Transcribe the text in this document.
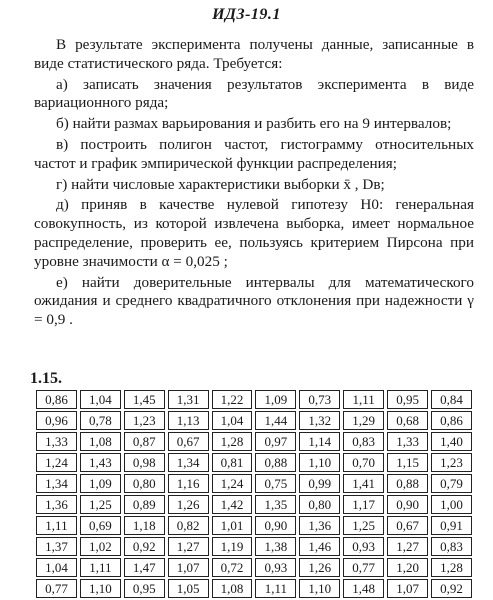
ИДЗ-19.1

В результате эксперимента получены данные, записанные в виде статистического ряда. Требуется:

а) записать значения результатов эксперимента в виде вариационного ряда;

б) найти размах варьирования и разбить его на 9 интервалов;

в) построить полигон частот, гистограмму относительных частот и график эмпирической функции распределения;

г) найти числовые характеристики выборки x̄ , Dв;

д) приняв в качестве нулевой гипотезу H0: генеральная совокупность, из которой извлечена выборка, имеет нормальное распределение, проверить ее, пользуясь критерием Пирсона при уровне значимости α = 0,025 ;

е) найти доверительные интервалы для математического ожидания и среднего квадратичного отклонения при надежности γ = 0,9 .

1.15.
0,86	1,04	1,45	1,31	1,22	1,09	0,73	1,11	0,95	0,84
0,96	0,78	1,23	1,13	1,04	1,44	1,32	1,29	0,68	0,86
1,33	1,08	0,87	0,67	1,28	0,97	1,14	0,83	1,33	1,40
1,24	1,43	0,98	1,34	0,81	0,88	1,10	0,70	1,15	1,23
1,34	1,09	0,80	1,16	1,24	0,75	0,99	1,41	0,88	0,79
1,36	1,25	0,89	1,26	1,42	1,35	0,80	1,17	0,90	1,00
1,11	0,69	1,18	0,82	1,01	0,90	1,36	1,25	0,67	0,91
1,37	1,02	0,92	1,27	1,19	1,38	1,46	0,93	1,27	0,83
1,04	1,11	1,47	1,07	0,72	0,93	1,26	0,77	1,20	1,28
0,77	1,10	0,95	1,05	1,08	1,11	1,10	1,48	1,07	0,92
